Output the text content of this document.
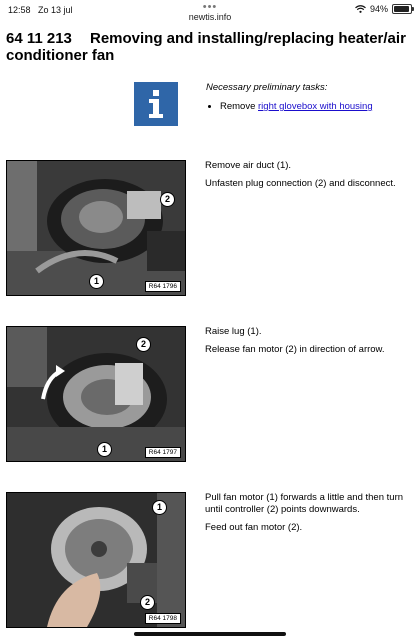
12:58 Zo 13 jul	•••
newtis.info
94%
64 11 213 Removing and installing/replacing heater/air conditioner fan
Necessary preliminary tasks:
• Remove right glovebox with housing
1
2
R64 1796

Remove air duct (1).

Unfasten plug connection (2) and disconnect.

1
2
R64 1797

Raise lug (1).

Release fan motor (2) in direction of arrow.

1
2
R64 1798

Pull fan motor (1) forwards a little and then turn until controller (2) points downwards.

Feed out fan motor (2).
